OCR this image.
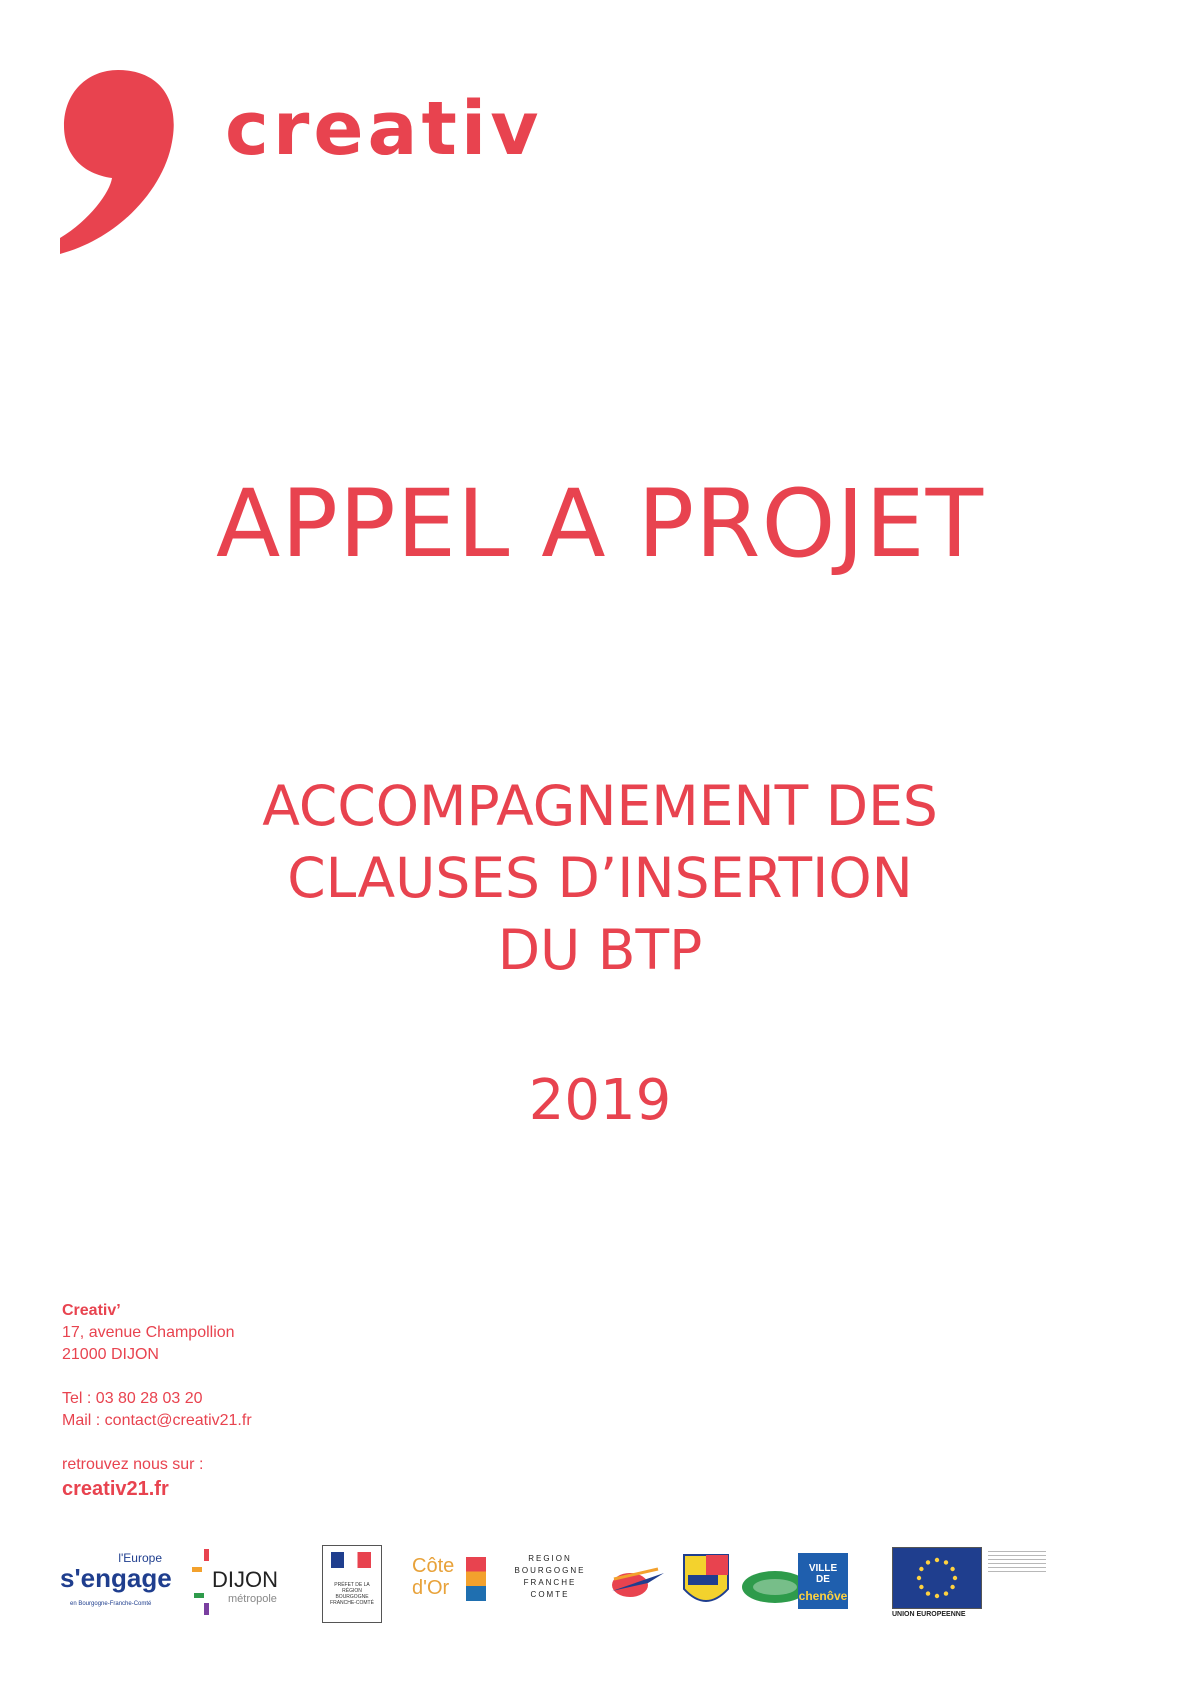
creativ
APPEL A PROJET
ACCOMPAGNEMENT DES
CLAUSES D’INSERTION
DU BTP
2019
Creativ’
17, avenue Champollion
21000 DIJON
Tel : 03 80 28 03 20
Mail : contact@creativ21.fr
retrouvez nous sur :
creativ21.fr
l'Europe
s'engage
en Bourgogne-Franche-Comté
DIJON
métropole
PRÉFET DE LA RÉGION BOURGOGNE FRANCHE-COMTÉ
Côte
d'Or
REGION BOURGOGNE FRANCHE COMTE
VILLE
DE
chenôve
UNION EUROPEENNE
